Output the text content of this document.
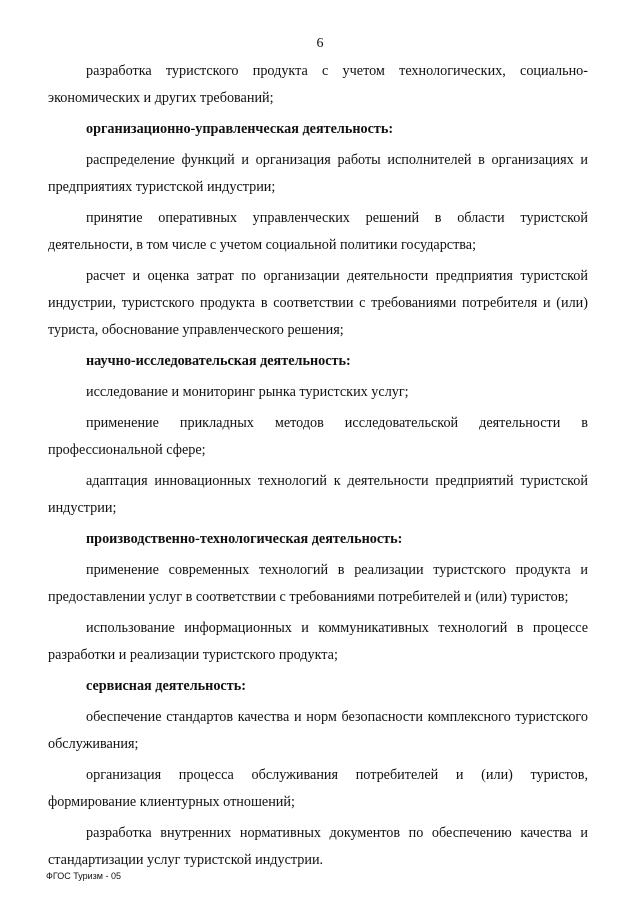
6

разработка туристского продукта с учетом технологических, социально-экономических и других требований;

организационно-управленческая деятельность:

распределение функций и организация работы исполнителей в организациях и предприятиях туристской индустрии;

принятие оперативных управленческих решений в области туристской деятельности, в том числе с учетом социальной политики государства;

расчет и оценка затрат по организации деятельности предприятия туристской индустрии, туристского продукта в соответствии с требованиями потребителя и (или) туриста, обоснование управленческого решения;

научно-исследовательская деятельность:

исследование и мониторинг рынка туристских услуг;

применение прикладных методов исследовательской деятельности в профессиональной сфере;

адаптация инновационных технологий к деятельности предприятий туристской индустрии;

производственно-технологическая деятельность:

применение современных технологий в реализации туристского продукта и предоставлении услуг в соответствии с требованиями потребителей и (или) туристов;

использование информационных и коммуникативных технологий в процессе разработки и реализации туристского продукта;

сервисная деятельность:

обеспечение стандартов качества и норм безопасности комплексного туристского обслуживания;

организация процесса обслуживания потребителей и (или) туристов, формирование клиентурных отношений;

разработка внутренних нормативных документов по обеспечению качества и стандартизации услуг туристской индустрии.

ФГОС Туризм - 05
